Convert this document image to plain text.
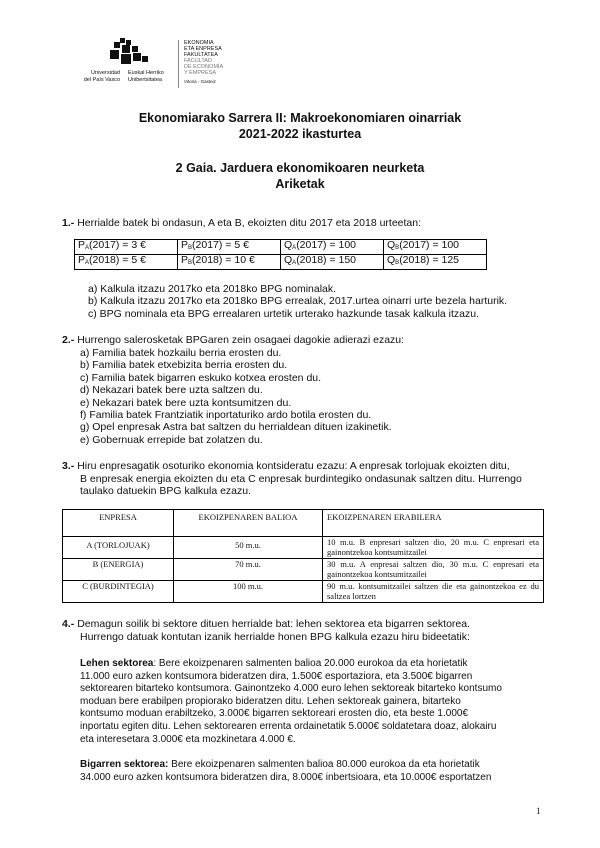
Universidad
del País Vasco
Euskal Herriko
Unibertsitatea
EKONOMIA
ETA ENPRESA
FAKULTATEA
FACULTAD
DE ECONOMÍA
Y EMPRESA
Vitoria - Gasteiz
Ekonomiarako Sarrera II: Makroekonomiaren oinarriak
2021-2022 ikasturtea
2 Gaia. Jarduera ekonomikoaren neurketa
Ariketak
1.- Herrialde batek bi ondasun, A eta B, ekoizten ditu 2017 eta 2018 urteetan:
$P_A(2017) = 3$ €	$P_B(2017) = 5$ €	$Q_A(2017) = 100$	$Q_B(2017) = 100$
$P_A(2018) = 5$ €	$P_B(2018) = 10$ €	$Q_A(2018) = 150$	$Q_B(2018) = 125$
a) Kalkula itzazu 2017ko eta 2018ko BPG nominalak.
b) Kalkula itzazu 2017ko eta 2018ko BPG errealak, 2017.urtea oinarri urte bezela harturik.
c) BPG nominala eta BPG errealaren urtetik urterako hazkunde tasak kalkula itzazu.
2.- Hurrengo salerosketak BPGaren zein osagaei dagokie adierazi ezazu:
a) Familia batek hozkailu berria erosten du.
b) Familia batek etxebizita berria erosten du.
c) Familia batek bigarren eskuko kotxea erosten du.
d) Nekazari batek bere uzta saltzen du.
e) Nekazari batek bere uzta kontsumitzen du.
f) Familia batek Frantziatik inportaturiko ardo botila erosten du.
g) Opel enpresak Astra bat saltzen du herrialdean dituen izakinetik.
e) Gobernuak errepide bat zolatzen du.
3.- Hiru enpresagatik osoturiko ekonomia kontsideratu ezazu: A enpresak torlojuak ekoizten ditu,
B enpresak energia ekoizten du eta C enpresak burdintegiko ondasunak saltzen ditu. Hurrengo
taulako datuekin BPG kalkula ezazu.
ENPRESA	EKOIZPENAREN BALIOA	EKOIZPENAREN ERABILERA
A (TORLOJUAK)	50 m.u.	10 m.u. B enpresari saltzen dio, 20 m.u. C enpresari eta gainontzekoa kontsumitzailei
B (ENERGIA)	70 m.u.	30 m.u. A enpresai saltzen dio, 30 m.u. C enpresari eta gainontzekoa kontsumitzailei
C (BURDINTEGIA)	100 m.u.	90 m.u. kontsumitzailei saltzen die eta gainontzekoa ez du saltzea lortzen
4.- Demagun soilik bi sektore dituen herrialde bat: lehen sektorea eta bigarren sektorea.
Hurrengo datuak kontutan izanik herrialde honen BPG kalkula ezazu hiru bideetatik:
Lehen sektorea: Bere ekoizpenaren salmenten balioa 20.000 eurokoa da eta horietatik
11.000 euro azken kontsumora bideratzen dira, 1.500€ esportaziora, eta 3.500€ bigarren
sektorearen bitarteko kontsumora. Gainontzeko 4.000 euro lehen sektoreak bitarteko kontsumo
moduan bere erabilpen propiorako bideratzen ditu. Lehen sektoreak gainera, bitarteko
kontsumo moduan erabiltzeko, 3.000€ bigarren sektoreari erosten dio, eta beste 1.000€
inportatu egiten ditu. Lehen sektorearen errenta ordainetatik 5.000€ soldatetara doaz, alokairu
eta interesetara 3.000€ eta mozkinetara 4.000 €.
Bigarren sektorea: Bere ekoizpenaren salmenten balioa 80.000 eurokoa da eta horietatik
34.000 euro azken kontsumora bideratzen dira, 8.000€ inbertsioara, eta 10.000€ esportatzen
1
